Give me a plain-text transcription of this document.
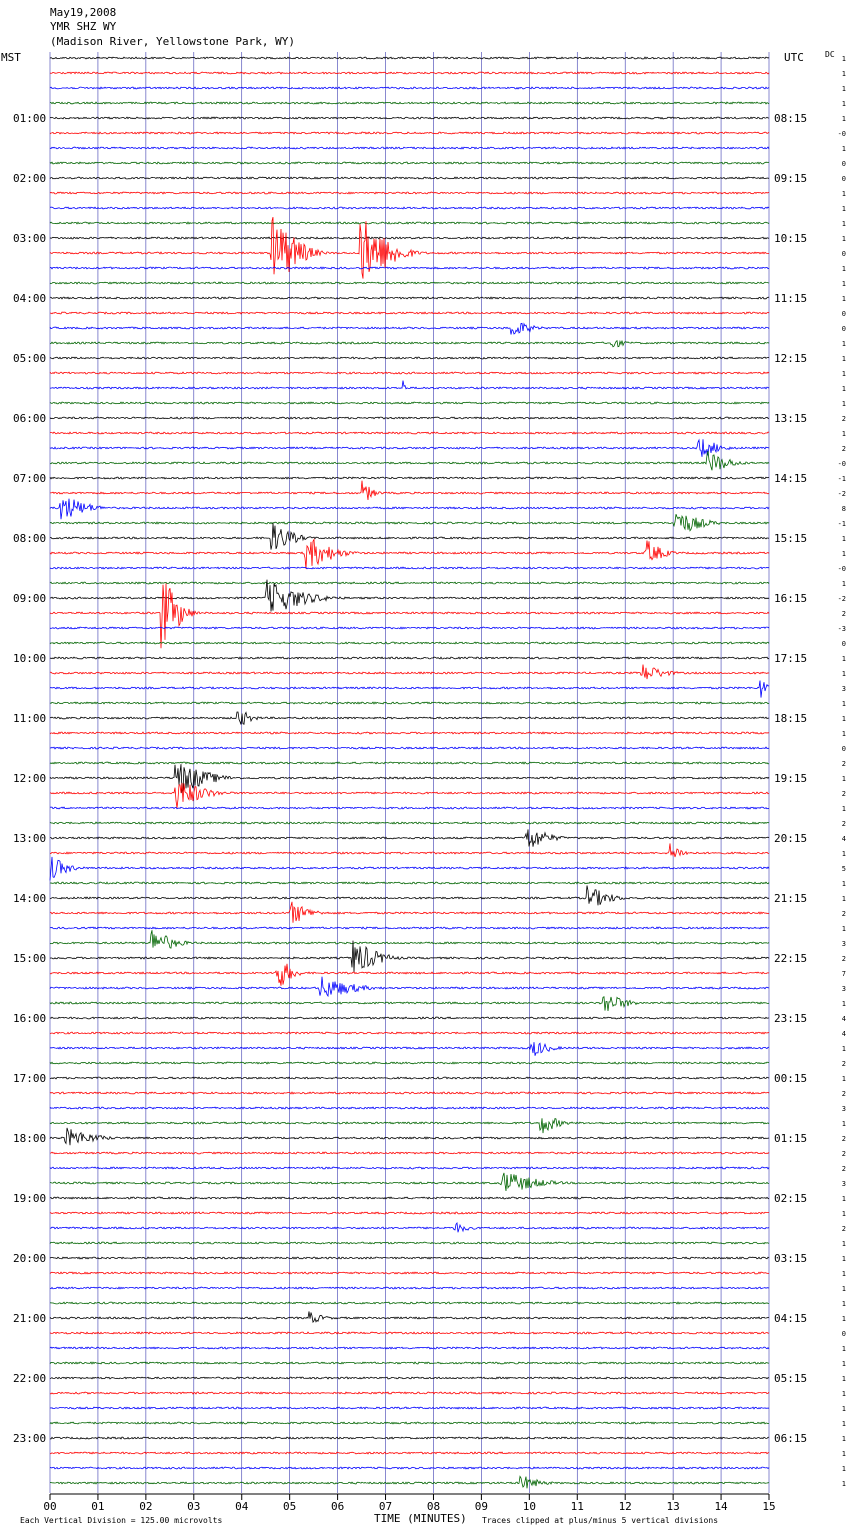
May19,2008
YMR SHZ WY
(Madison River, Yellowstone Park, WY)
MST	UTC	DC
01:00
02:00
03:00
04:00
05:00
06:00
07:00
08:00
09:00
10:00
11:00
12:00
13:00
14:00
15:00
16:00
17:00
18:00
19:00
20:00
21:00
22:00
23:00
08:15
09:15
10:15
11:15
12:15
13:15
14:15
15:15
16:15
17:15
18:15
19:15
20:15
21:15
22:15
23:15
00:15
01:15
02:15
03:15
04:15
05:15
06:15
1
1
1
1
1
-0
1
0
0
1
1
1
1
0
1
1
1
0
0
1
1
1
1
1
2
1
2
-0
-1
-2
8
-1
1
1
-0
1
-2
2
-3
0
1
1
3
1
1
1
0
2
1
2
1
2
4
1
5
1
1
2
1
3
2
7
3
1
4
4
1
2
1
2
3
1
2
2
2
3
1
1
2
1
1
1
1
1
1
0
1
1
1
1
1
1
1
1
1
1
00	01	02	03	04	05	06	07	08	09	10	11	12	13	14	15
TIME (MINUTES)
Each Vertical Division = 125.00 microvolts	Traces clipped at plus/minus 5 vertical divisions
